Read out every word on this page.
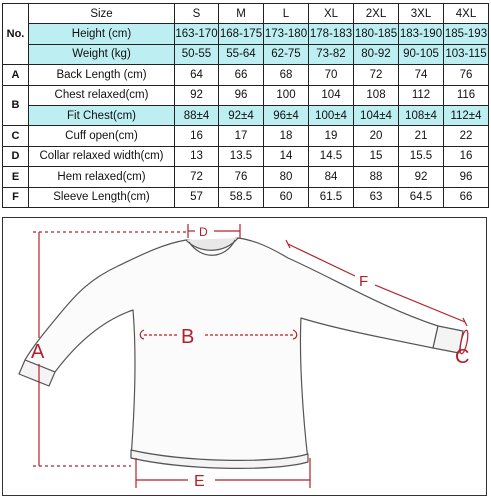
No.	Size	S	M	L	XL	2XL	3XL	4XL
	Height (cm)	163-170	168-175	173-180	178-183	180-185	183-190	185-193
	Weight (kg)	50-55	55-64	62-75	73-82	80-92	90-105	103-115
A	Back Length (cm)	64	66	68	70	72	74	76
B	Chest relaxed(cm)	92	96	100	104	108	112	116
	Fit Chest(cm)	88±4	92±4	96±4	100±4	104±4	108±4	112±4
C	Cuff open(cm)	16	17	18	19	20	21	22
D	Collar relaxed width(cm)	13	13.5	14	14.5	15	15.5	16
E	Hem relaxed(cm)	72	76	80	84	88	92	96
F	Sleeve Length(cm)	57	58.5	60	61.5	63	64.5	66
D
F
A
B
C
E
